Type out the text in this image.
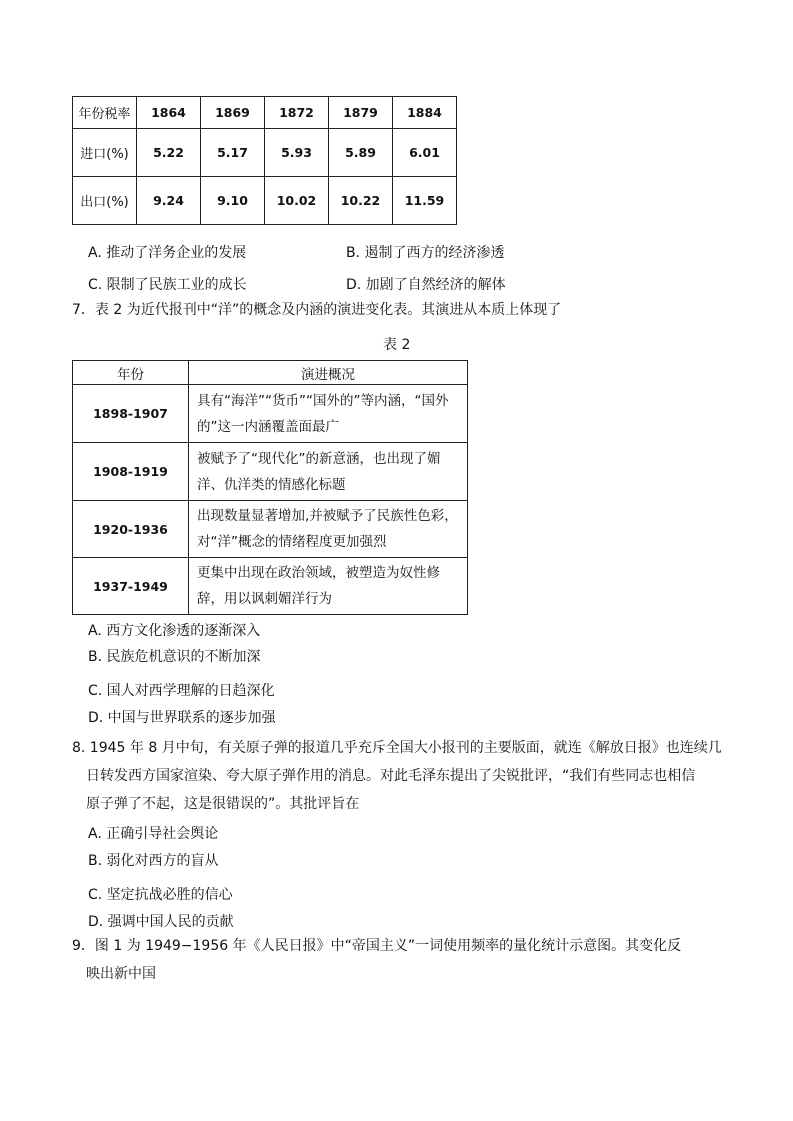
年份税率	1864	1869	1872	1879	1884
进口(%)	5.22	5.17	5.93	5.89	6.01
出口(%)	9.24	9.10	10.02	10.22	11.59
A. 推动了洋务企业的发展	B. 遏制了西方的经济渗透
C. 限制了民族工业的成长	D. 加剧了自然经济的解体
7．表 2 为近代报刊中“洋”的概念及内涵的演进变化表。其演进从本质上体现了
表 2
年份	演进概况
1898-1907	具有“海洋”“货币”“国外的”等内涵，“国外的”这一内涵覆盖面最广
1908-1919	被赋予了“现代化”的新意涵，也出现了媚洋、仇洋类的情感化标题
1920-1936	出现数量显著增加,并被赋予了民族性色彩，对“洋”概念的情绪程度更加强烈
1937-1949	更集中出现在政治领域，被塑造为奴性修辞，用以讽刺媚洋行为
A. 西方文化渗透的逐渐深入
B. 民族危机意识的不断加深
C. 国人对西学理解的日趋深化
D. 中国与世界联系的逐步加强
8. 1945 年 8 月中旬，有关原子弹的报道几乎充斥全国大小报刊的主要版面，就连《解放日报》也连续几
日转发西方国家渲染、夸大原子弹作用的消息。对此毛泽东提出了尖锐批评，“我们有些同志也相信
原子弹了不起，这是很错误的”。其批评旨在
A. 正确引导社会舆论
B. 弱化对西方的盲从
C. 坚定抗战必胜的信心
D. 强调中国人民的贡献
9．图 1 为 1949−1956 年《人民日报》中“帝国主义”一词使用频率的量化统计示意图。其变化反
映出新中国
